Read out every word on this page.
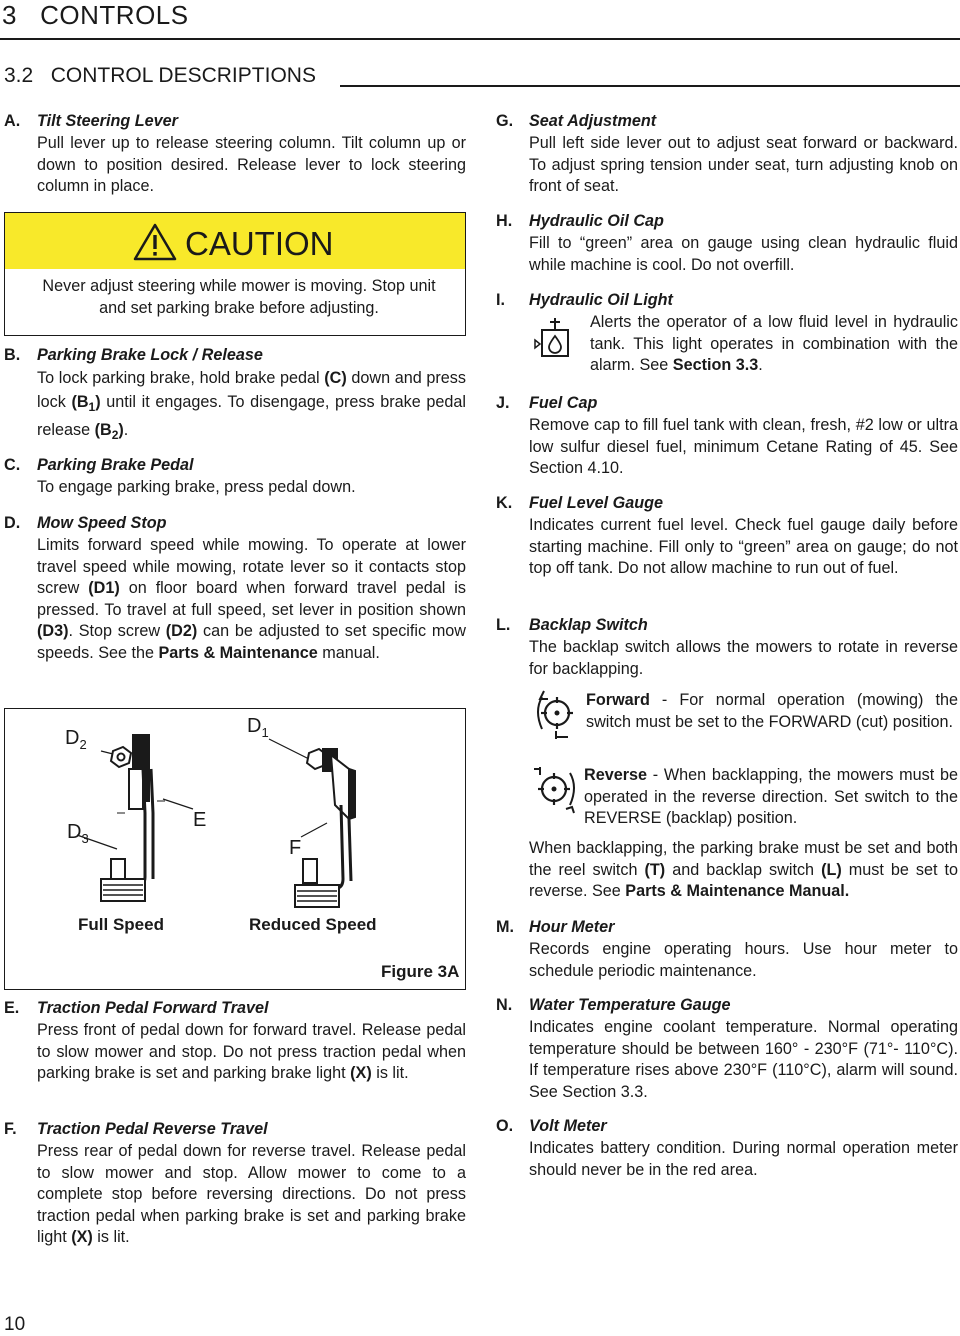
3   CONTROLS
3.2   CONTROL DESCRIPTIONS
A. Tilt Steering Lever
Pull lever up to release steering column. Tilt column up or down to position desired. Release lever to lock steering column in place.
B. Parking Brake Lock / Release
To lock parking brake, hold brake pedal (C) down and press lock $(B_1)$ until it engages. To disengage, press brake pedal release $(B_2)$.
C. Parking Brake Pedal
To engage parking brake, press pedal down.
D. Mow Speed Stop
Limits forward speed while mowing. To operate at lower travel speed while mowing, rotate lever so it contacts stop screw (D1) on floor board when forward travel pedal is pressed. To travel at full speed, set lever in position shown (D3). Stop screw (D2) can be adjusted to set specific mow speeds. See the Parts & Maintenance manual.
E. Traction Pedal Forward Travel
Press front of pedal down for forward travel. Release pedal to slow mower and stop. Do not press traction pedal when parking brake is set and parking brake light (X) is lit.
F. Traction Pedal Reverse Travel
Press rear of pedal down for reverse travel. Release pedal to slow mower and stop. Allow mower to come to a complete stop before reversing directions. Do not press traction pedal when parking brake is set and parking brake light (X) is lit.
CAUTION
Never adjust steering while mower is moving. Stop unit and set parking brake before adjusting.
$D_2$
$D_1$
$D_3$
E
F
Full Speed	Reduced Speed
Figure 3A
G. Seat Adjustment
Pull left side lever out to adjust seat forward or backward. To adjust spring tension under seat, turn adjusting knob on front of seat.
H. Hydraulic Oil Cap
Fill to “green” area on gauge using clean hydraulic fluid while machine is cool. Do not overfill.
I. Hydraulic Oil Light
Alerts the operator of a low fluid level in hydraulic tank. This light operates in combination with the alarm. See Section 3.3.
J. Fuel Cap
Remove cap to fill fuel tank with clean, fresh, #2 low or ultra low sulfur diesel fuel, minimum Cetane Rating of 45. See Section 4.10.
K. Fuel Level Gauge
Indicates current fuel level. Check fuel gauge daily before starting machine. Fill only to “green” area on gauge; do not top off tank. Do not allow machine to run out of fuel.
L. Backlap Switch
The backlap switch allows the mowers to rotate in reverse for backlapping.
Forward - For normal operation (mowing) the switch must be set to the FORWARD (cut) position.
Reverse - When backlapping, the mowers must be operated in the reverse direction. Set switch to the REVERSE (backlap) position.
When backlapping, the parking brake must be set and both the reel switch (T) and backlap switch (L) must be set to reverse. See Parts & Maintenance Manual.
M. Hour Meter
Records engine operating hours. Use hour meter to schedule periodic maintenance.
N. Water Temperature Gauge
Indicates engine coolant temperature. Normal operating temperature should be between 160° - 230°F (71°- 110°C). If temperature rises above 230°F (110°C), alarm will sound. See Section 3.3.
O. Volt Meter
Indicates battery condition. During normal operation meter should never be in the red area.
10
